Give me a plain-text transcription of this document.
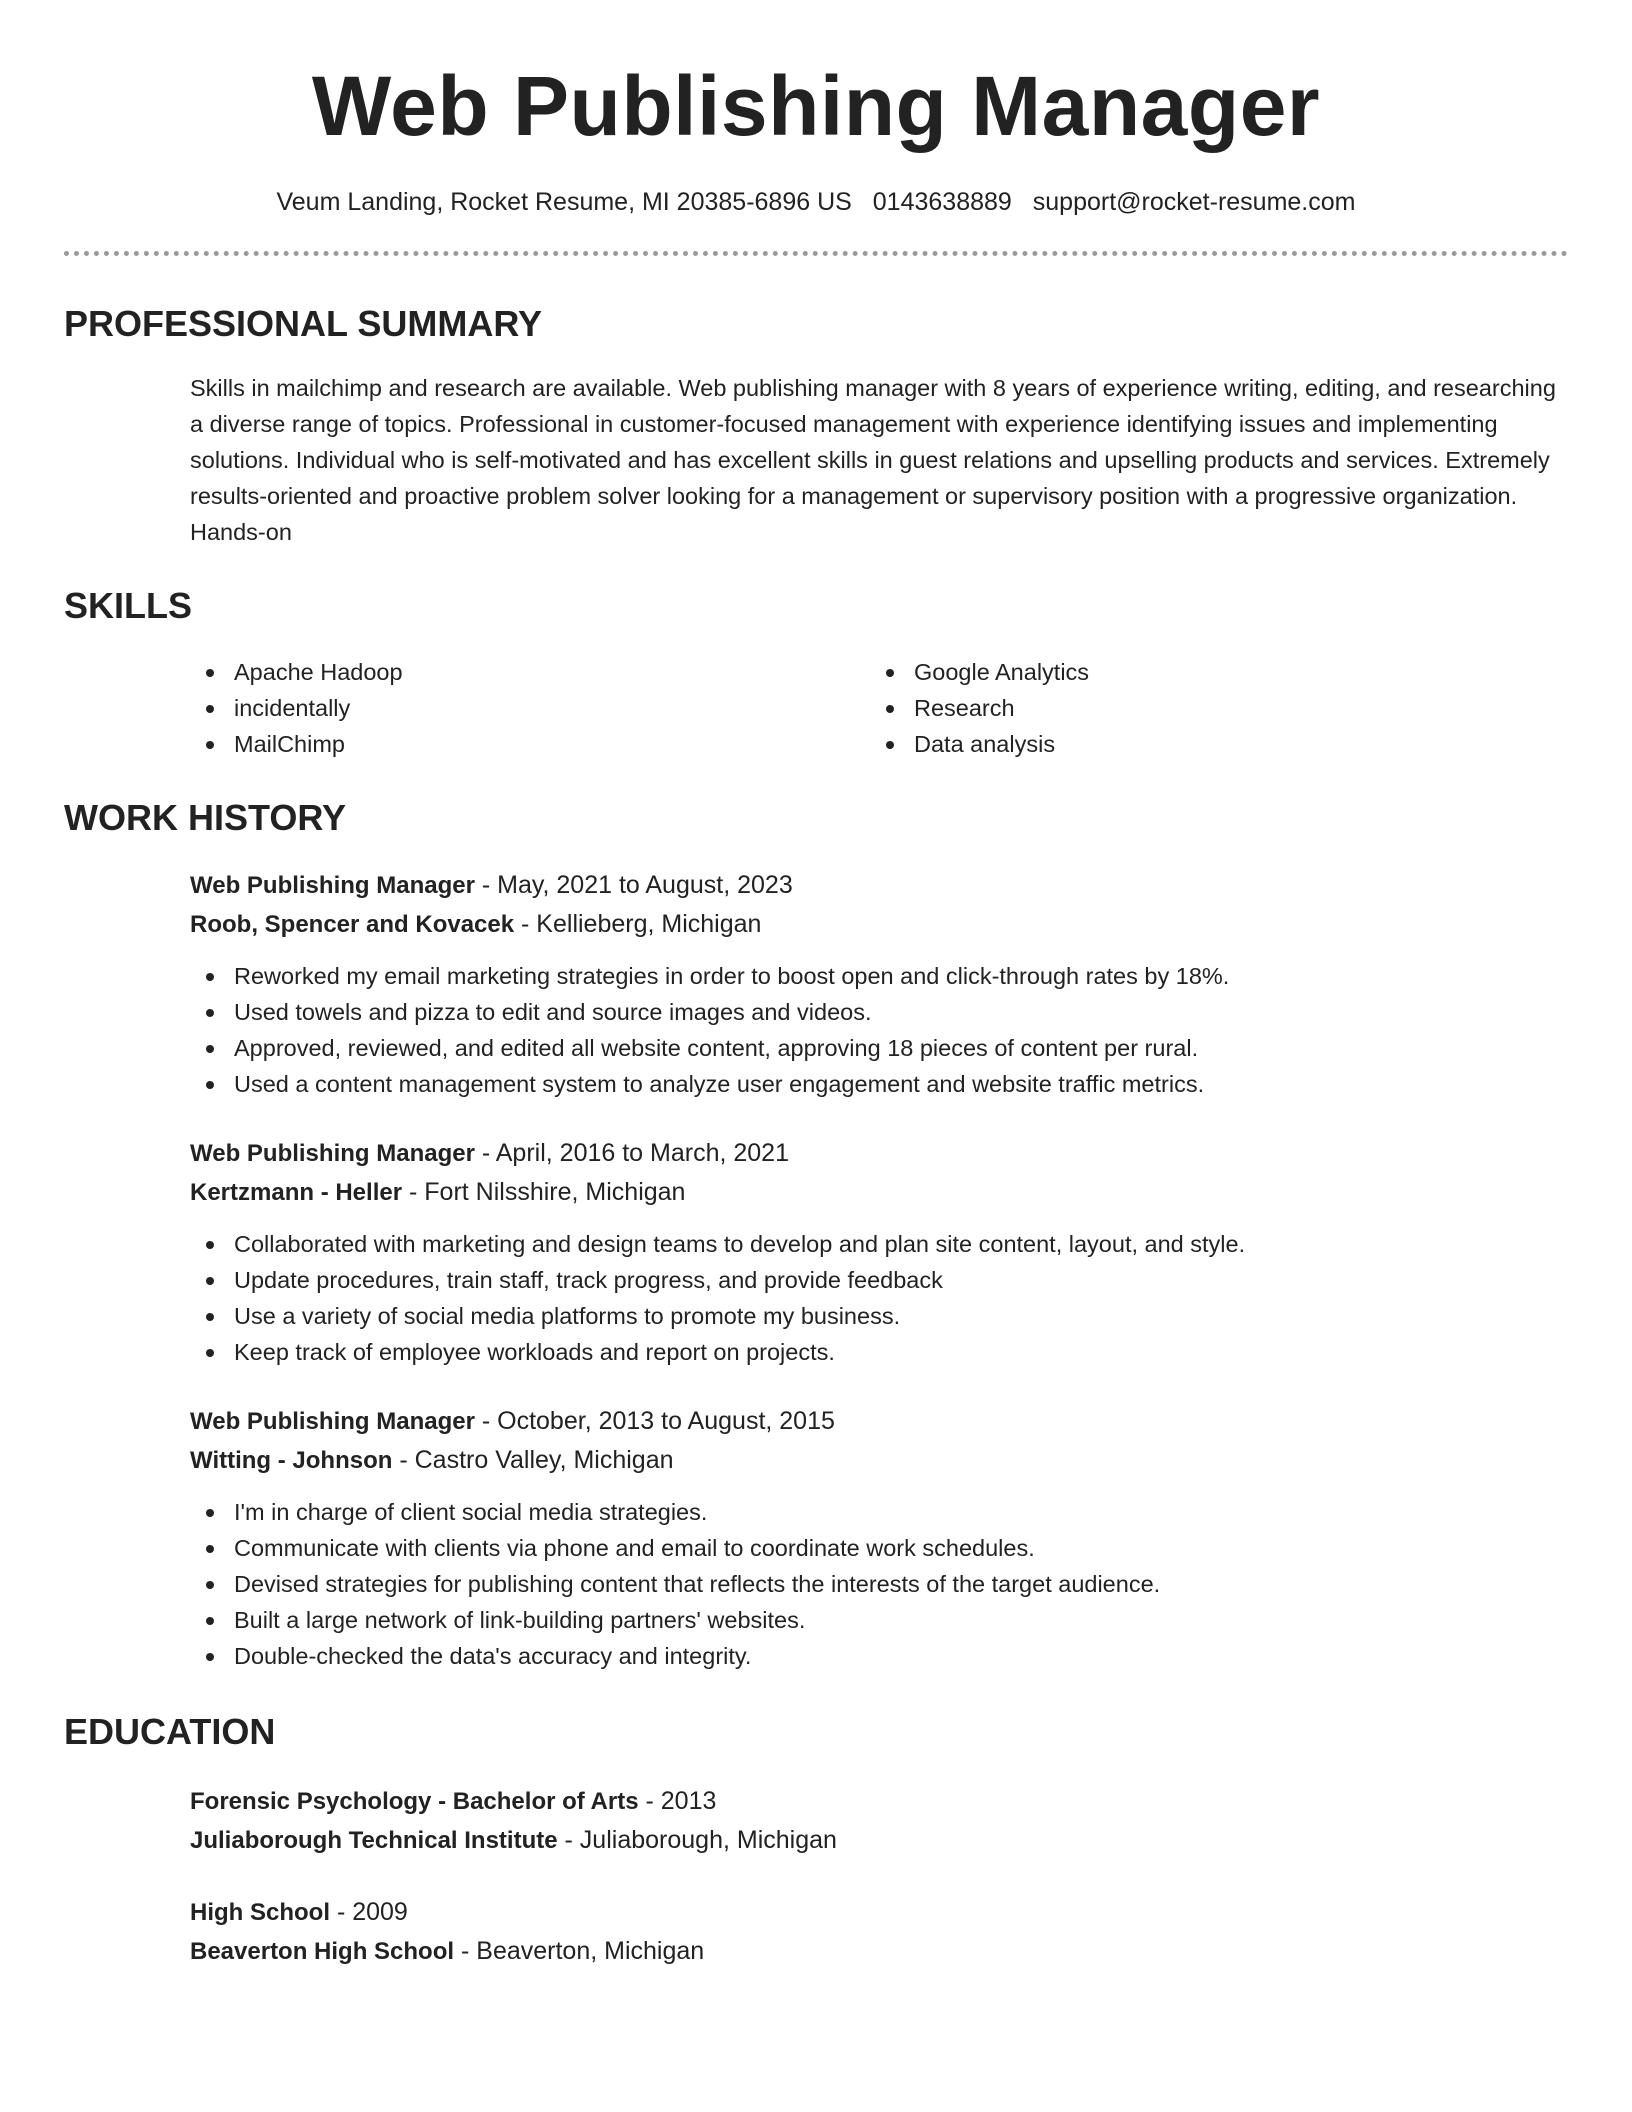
Web Publishing Manager
Veum Landing, Rocket Resume, MI 20385-6896 US 0143638889 support@rocket-resume.com
PROFESSIONAL SUMMARY

Skills in mailchimp and research are available. Web publishing manager with 8 years of experience writing, editing, and researching a diverse range of topics. Professional in customer-focused management with experience identifying issues and implementing solutions. Individual who is self-motivated and has excellent skills in guest relations and upselling products and services. Extremely results-oriented and proactive problem solver looking for a management or supervisory position with a progressive organization. Hands-on

SKILLS
Apache Hadoop
incidentally
MailChimp
Google Analytics
Research
Data analysis
WORK HISTORY
Web Publishing Manager - May, 2021 to August, 2023
Roob, Spencer and Kovacek - Kellieberg, Michigan
Reworked my email marketing strategies in order to boost open and click-through rates by 18%.
Used towels and pizza to edit and source images and videos.
Approved, reviewed, and edited all website content, approving 18 pieces of content per rural.
Used a content management system to analyze user engagement and website traffic metrics.
Web Publishing Manager - April, 2016 to March, 2021
Kertzmann - Heller - Fort Nilsshire, Michigan
Collaborated with marketing and design teams to develop and plan site content, layout, and style.
Update procedures, train staff, track progress, and provide feedback
Use a variety of social media platforms to promote my business.
Keep track of employee workloads and report on projects.
Web Publishing Manager - October, 2013 to August, 2015
Witting - Johnson - Castro Valley, Michigan
I'm in charge of client social media strategies.
Communicate with clients via phone and email to coordinate work schedules.
Devised strategies for publishing content that reflects the interests of the target audience.
Built a large network of link-building partners' websites.
Double-checked the data's accuracy and integrity.
EDUCATION
Forensic Psychology - Bachelor of Arts - 2013
Juliaborough Technical Institute - Juliaborough, Michigan
High School - 2009
Beaverton High School - Beaverton, Michigan
